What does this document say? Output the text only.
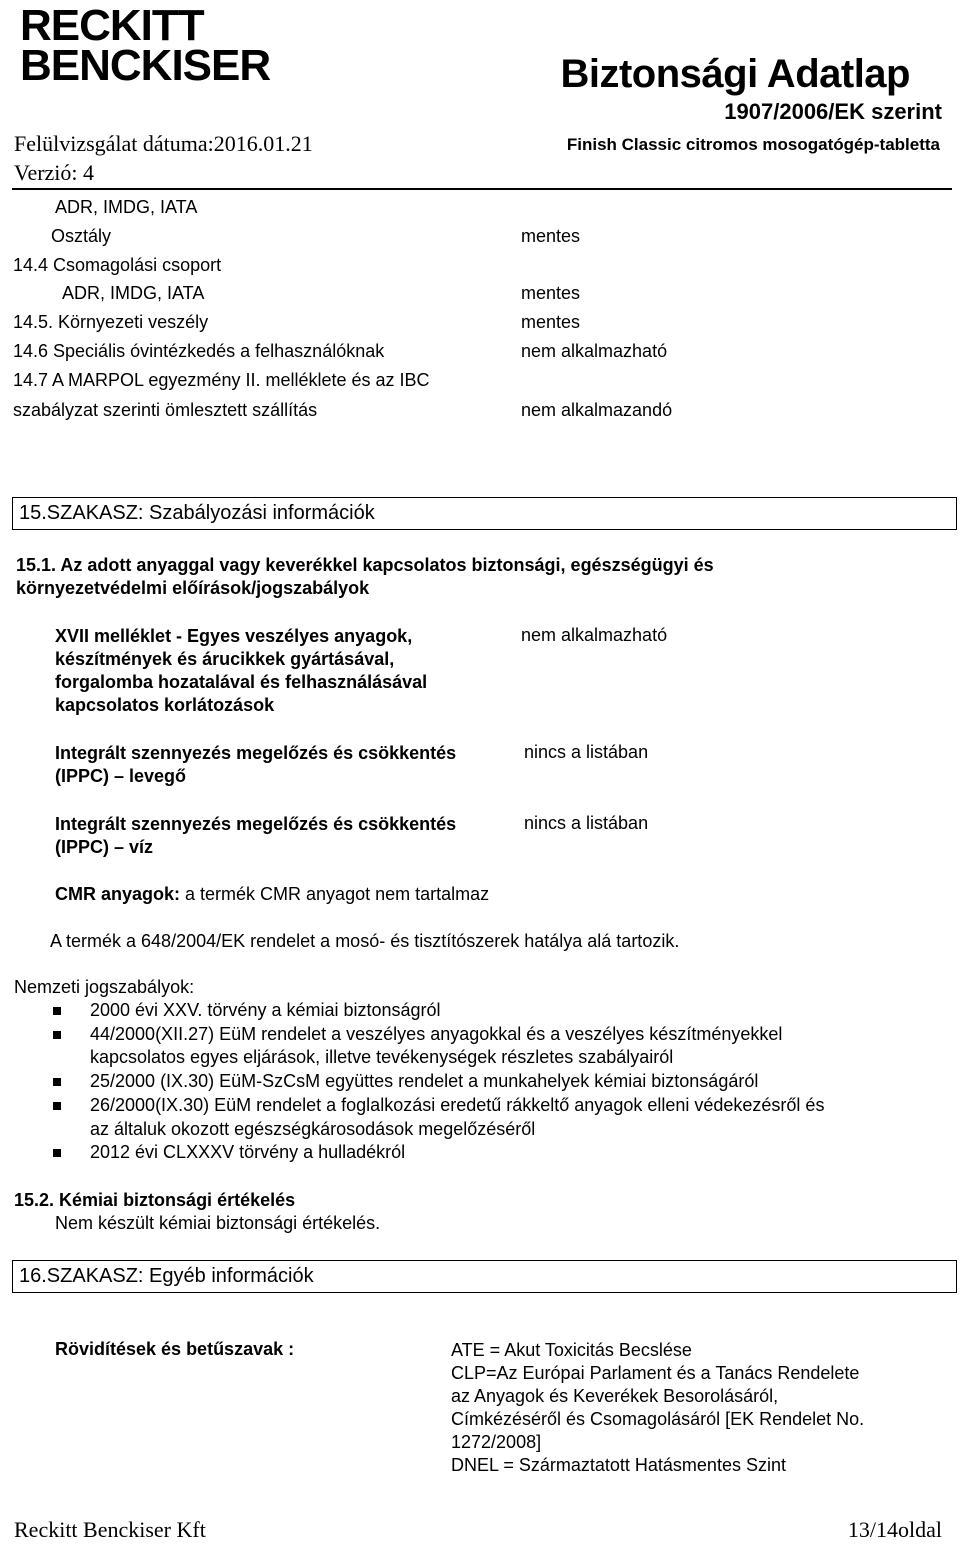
RECKITT
BENCKISER	Biztonsági Adatlap
1907/2006/EK szerint
Felülvizsgálat dátuma:2016.01.21	Finish Classic citromos mosogatógép-tabletta
Verzió: 4
ADR, IMDG, IATA
Osztály	mentes
14.4 Csomagolási csoport
ADR, IMDG, IATA	mentes
14.5. Környezeti veszély	mentes
14.6 Speciális óvintézkedés a felhasználóknak	nem alkalmazható
14.7 A MARPOL egyezmény II. melléklete és az IBC
szabályzat szerinti ömlesztett szállítás	nem alkalmazandó
15.SZAKASZ: Szabályozási információk
15.1. Az adott anyaggal vagy keverékkel kapcsolatos biztonsági, egészségügyi és
környezetvédelmi előírások/jogszabályok
XVII melléklet - Egyes veszélyes anyagok,
készítmények és árucikkek gyártásával,
forgalomba hozatalával és felhasználásával
kapcsolatos korlátozások
nem alkalmazható
Integrált szennyezés megelőzés és csökkentés
(IPPC) – levegő
nincs a listában
Integrált szennyezés megelőzés és csökkentés
(IPPC) – víz
nincs a listában
CMR anyagok: a termék CMR anyagot nem tartalmaz
A termék a 648/2004/EK rendelet a mosó- és tisztítószerek hatálya alá tartozik.
Nemzeti jogszabályok:
2000 évi XXV. törvény a kémiai biztonságról
44/2000(XII.27) EüM rendelet a veszélyes anyagokkal és a veszélyes készítményekkel
kapcsolatos egyes eljárások, illetve tevékenységek részletes szabályairól
25/2000 (IX.30) EüM-SzCsM együttes rendelet a munkahelyek kémiai biztonságáról
26/2000(IX.30) EüM rendelet a foglalkozási eredetű rákkeltő anyagok elleni védekezésről és
az általuk okozott egészségkárosodások megelőzéséről
2012 évi CLXXXV törvény a hulladékról
15.2. Kémiai biztonsági értékelés
Nem készült kémiai biztonsági értékelés.
16.SZAKASZ: Egyéb információk
Rövidítések és betűszavak :	ATE = Akut Toxicitás Becslése
CLP=Az Európai Parlament és a Tanács Rendelete
az Anyagok és Keverékek Besorolásáról,
Címkézéséről és Csomagolásáról [EK Rendelet No.
1272/2008]
DNEL = Származtatott Hatásmentes Szint
Reckitt Benckiser Kft	13/14oldal
